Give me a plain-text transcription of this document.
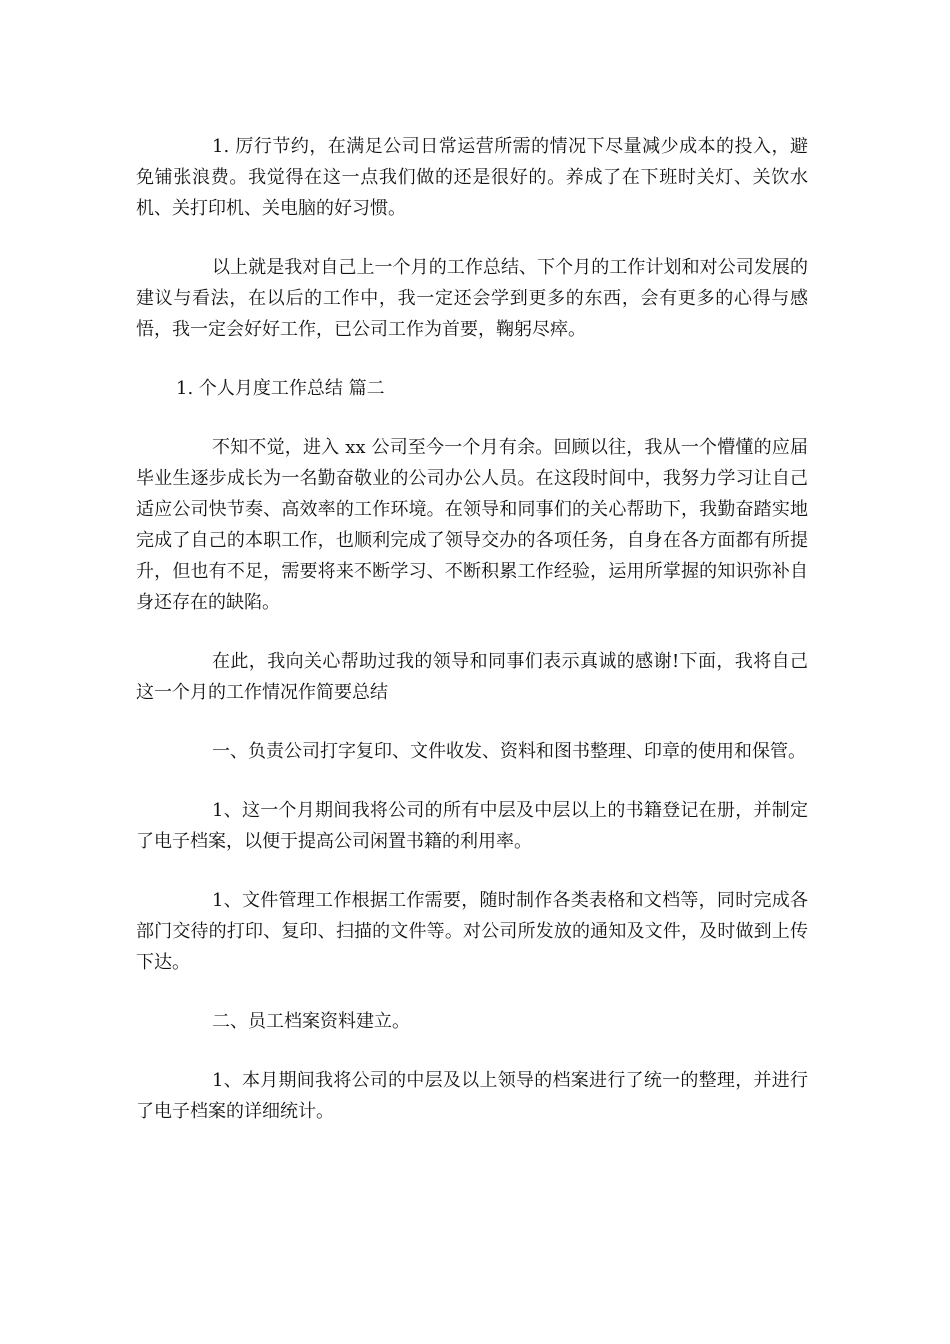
1. 厉行节约，在满足公司日常运营所需的情况下尽量减少成本的投入，避免铺张浪费。我觉得在这一点我们做的还是很好的。养成了在下班时关灯、关饮水机、关打印机、关电脑的好习惯。

以上就是我对自己上一个月的工作总结、下个月的工作计划和对公司发展的建议与看法，在以后的工作中，我一定还会学到更多的东西，会有更多的心得与感悟，我一定会好好工作，已公司工作为首要，鞠躬尽瘁。

1. 个人月度工作总结 篇二

不知不觉，进入 xx 公司至今一个月有余。回顾以往，我从一个懵懂的应届毕业生逐步成长为一名勤奋敬业的公司办公人员。在这段时间中，我努力学习让自己适应公司快节奏、高效率的工作环境。在领导和同事们的关心帮助下，我勤奋踏实地完成了自己的本职工作，也顺利完成了领导交办的各项任务，自身在各方面都有所提升，但也有不足，需要将来不断学习、不断积累工作经验，运用所掌握的知识弥补自身还存在的缺陷。

在此，我向关心帮助过我的领导和同事们表示真诚的感谢!下面，我将自己这一个月的工作情况作简要总结

一、负责公司打字复印、文件收发、资料和图书整理、印章的使用和保管。

1、这一个月期间我将公司的所有中层及中层以上的书籍登记在册，并制定了电子档案，以便于提高公司闲置书籍的利用率。

1、文件管理工作根据工作需要，随时制作各类表格和文档等，同时完成各部门交待的打印、复印、扫描的文件等。对公司所发放的通知及文件，及时做到上传下达。

二、员工档案资料建立。

1、本月期间我将公司的中层及以上领导的档案进行了统一的整理，并进行了电子档案的详细统计。
